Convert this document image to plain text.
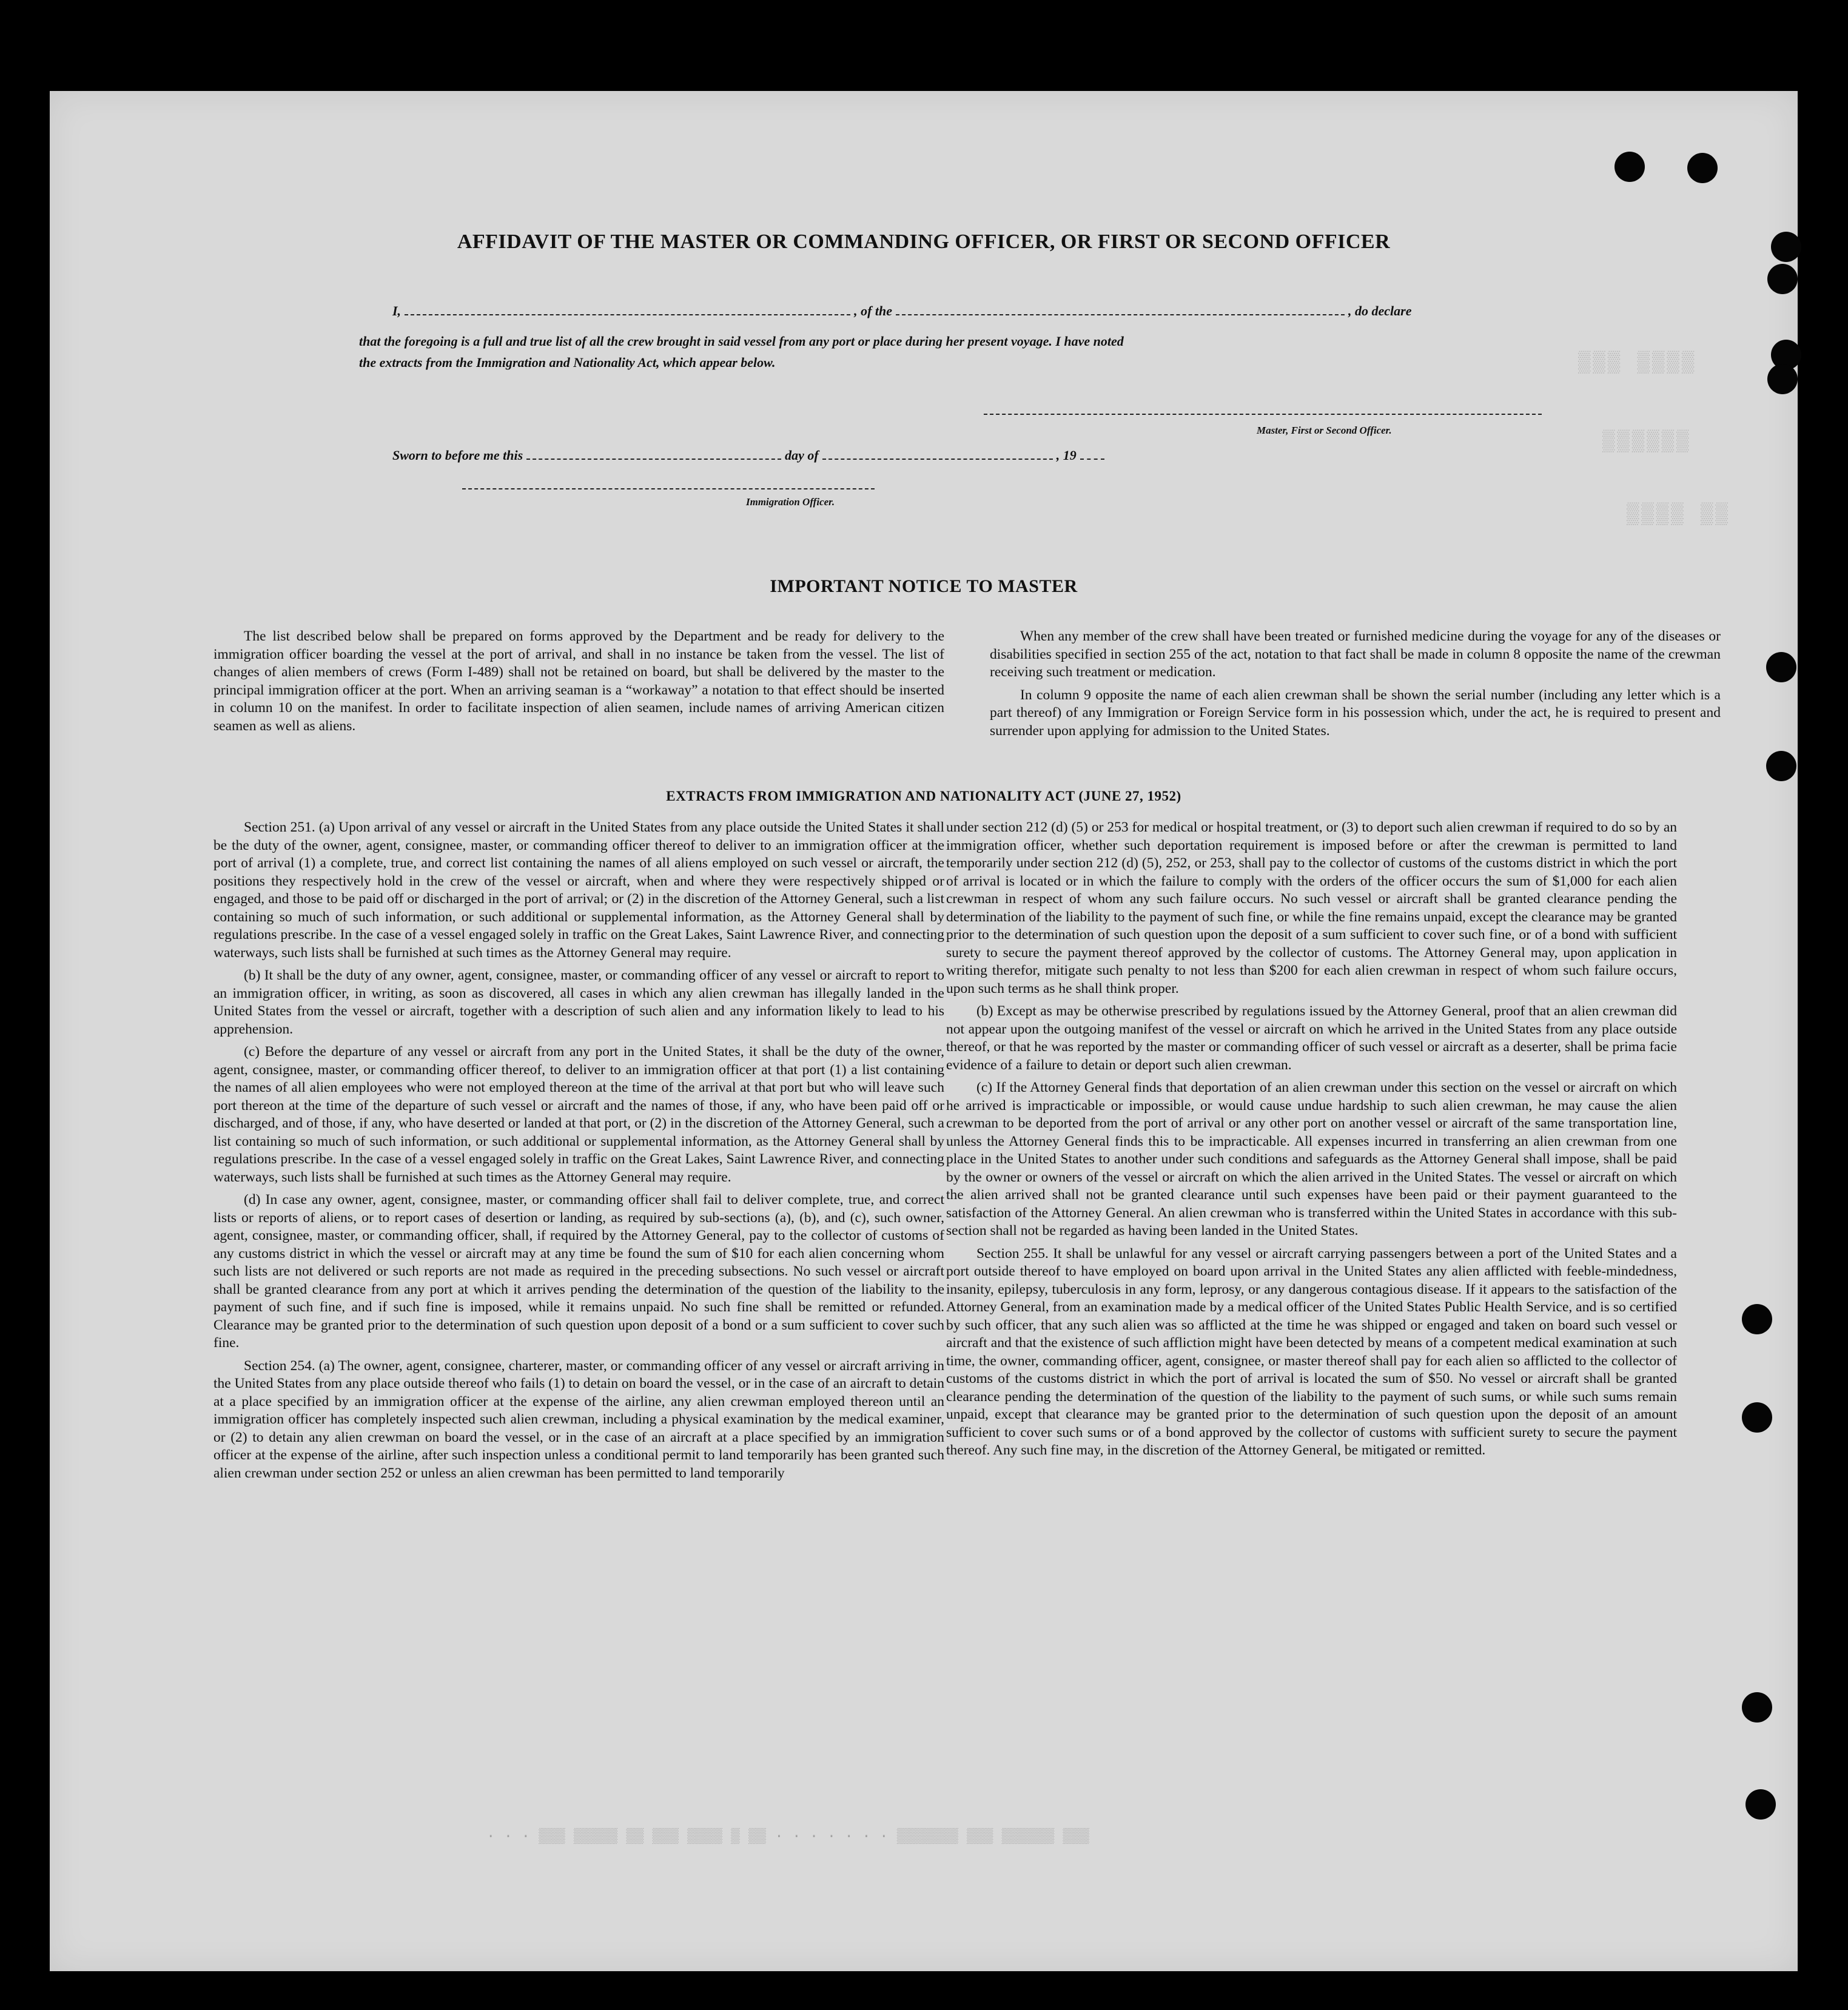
▒▒▒ ▒▒▒▒
▒▒▒▒▒▒
▒▒▒▒ ▒▒
· · · ▒▒▒ ▒▒▒▒▒ ▒▒ ▒▒▒ ▒▒▒▒ ▒ ▒▒ · · · · · · · ▒▒▒▒▒▒▒ ▒▒▒ ▒▒▒▒▒▒ ▒▒▒
AFFIDAVIT OF THE MASTER OR COMMANDING OFFICER, OR FIRST OR SECOND OFFICER
I,	, of the	, do declare
that the foregoing is a full and true list of all the crew brought in said vessel from any port or place during her present voyage. I have noted
the extracts from the Immigration and Nationality Act, which appear below.
Master, First or Second Officer.
Sworn to before me this	day of	, 19
Immigration Officer.
IMPORTANT NOTICE TO MASTER

The list described below shall be prepared on forms approved by the Department and be ready for delivery to the immigration officer boarding the vessel at the port of arrival, and shall in no instance be taken from the vessel. The list of changes of alien members of crews (Form I-489) shall not be retained on board, but shall be delivered by the master to the principal immigration officer at the port. When an arriving seaman is a “workaway” a notation to that effect should be inserted in column 10 on the manifest. In order to facilitate inspection of alien seamen, include names of arriving American citizen seamen as well as aliens.

When any member of the crew shall have been treated or furnished medicine during the voyage for any of the diseases or disabilities specified in section 255 of the act, notation to that fact shall be made in column 8 opposite the name of the crewman receiving such treatment or medication.

In column 9 opposite the name of each alien crewman shall be shown the serial number (including any letter which is a part thereof) of any Immigration or Foreign Service form in his possession which, under the act, he is required to present and surrender upon applying for admission to the United States.

EXTRACTS FROM IMMIGRATION AND NATIONALITY ACT (JUNE 27, 1952)

Section 251. (a) Upon arrival of any vessel or aircraft in the United States from any place outside the United States it shall be the duty of the owner, agent, consignee, master, or commanding officer thereof to deliver to an immigration officer at the port of arrival (1) a complete, true, and correct list containing the names of all aliens employed on such vessel or aircraft, the positions they respectively hold in the crew of the vessel or aircraft, when and where they were respectively shipped or engaged, and those to be paid off or discharged in the port of arrival; or (2) in the discretion of the Attorney General, such a list containing so much of such information, or such additional or supplemental information, as the Attorney General shall by regulations prescribe. In the case of a vessel engaged solely in traffic on the Great Lakes, Saint Lawrence River, and connecting waterways, such lists shall be furnished at such times as the Attorney General may require.

(b) It shall be the duty of any owner, agent, consignee, master, or commanding officer of any vessel or aircraft to report to an immigration officer, in writing, as soon as discovered, all cases in which any alien crewman has illegally landed in the United States from the vessel or aircraft, together with a description of such alien and any information likely to lead to his apprehension.

(c) Before the departure of any vessel or aircraft from any port in the United States, it shall be the duty of the owner, agent, consignee, master, or commanding officer thereof, to deliver to an immigration officer at that port (1) a list containing the names of all alien employees who were not employed thereon at the time of the arrival at that port but who will leave such port thereon at the time of the departure of such vessel or aircraft and the names of those, if any, who have been paid off or discharged, and of those, if any, who have deserted or landed at that port, or (2) in the discretion of the Attorney General, such a list containing so much of such information, or such additional or supplemental information, as the Attorney General shall by regulations prescribe. In the case of a vessel engaged solely in traffic on the Great Lakes, Saint Lawrence River, and connecting waterways, such lists shall be furnished at such times as the Attorney General may require.

(d) In case any owner, agent, consignee, master, or commanding officer shall fail to deliver complete, true, and correct lists or reports of aliens, or to report cases of desertion or landing, as required by sub-sections (a), (b), and (c), such owner, agent, consignee, master, or commanding officer, shall, if required by the Attorney General, pay to the collector of customs of any customs district in which the vessel or aircraft may at any time be found the sum of $10 for each alien concerning whom such lists are not delivered or such reports are not made as required in the preceding subsections. No such vessel or aircraft shall be granted clearance from any port at which it arrives pending the determination of the question of the liability to the payment of such fine, and if such fine is imposed, while it remains unpaid. No such fine shall be remitted or refunded. Clearance may be granted prior to the determination of such question upon deposit of a bond or a sum sufficient to cover such fine.

Section 254. (a) The owner, agent, consignee, charterer, master, or commanding officer of any vessel or aircraft arriving in the United States from any place outside thereof who fails (1) to detain on board the vessel, or in the case of an aircraft to detain at a place specified by an immigration officer at the expense of the airline, any alien crewman employed thereon until an immigration officer has completely inspected such alien crewman, including a physical examination by the medical examiner, or (2) to detain any alien crewman on board the vessel, or in the case of an aircraft at a place specified by an immigration officer at the expense of the airline, after such inspection unless a conditional permit to land temporarily has been granted such alien crewman under section 252 or unless an alien crewman has been permitted to land temporarily

under section 212 (d) (5) or 253 for medical or hospital treatment, or (3) to deport such alien crewman if required to do so by an immigration officer, whether such deportation requirement is imposed before or after the crewman is permitted to land temporarily under section 212 (d) (5), 252, or 253, shall pay to the collector of customs of the customs district in which the port of arrival is located or in which the failure to comply with the orders of the officer occurs the sum of $1,000 for each alien crewman in respect of whom any such failure occurs. No such vessel or aircraft shall be granted clearance pending the determination of the liability to the payment of such fine, or while the fine remains unpaid, except the clearance may be granted prior to the determination of such question upon the deposit of a sum sufficient to cover such fine, or of a bond with sufficient surety to secure the payment thereof approved by the collector of customs. The Attorney General may, upon application in writing therefor, mitigate such penalty to not less than $200 for each alien crewman in respect of whom such failure occurs, upon such terms as he shall think proper.

(b) Except as may be otherwise prescribed by regulations issued by the Attorney General, proof that an alien crewman did not appear upon the outgoing manifest of the vessel or aircraft on which he arrived in the United States from any place outside thereof, or that he was reported by the master or commanding officer of such vessel or aircraft as a deserter, shall be prima facie evidence of a failure to detain or deport such alien crewman.

(c) If the Attorney General finds that deportation of an alien crewman under this section on the vessel or aircraft on which he arrived is impracticable or impossible, or would cause undue hardship to such alien crewman, he may cause the alien crewman to be deported from the port of arrival or any other port on another vessel or aircraft of the same transportation line, unless the Attorney General finds this to be impracticable. All expenses incurred in transferring an alien crewman from one place in the United States to another under such conditions and safeguards as the Attorney General shall impose, shall be paid by the owner or owners of the vessel or aircraft on which the alien arrived in the United States. The vessel or aircraft on which the alien arrived shall not be granted clearance until such expenses have been paid or their payment guaranteed to the satisfaction of the Attorney General. An alien crewman who is transferred within the United States in accordance with this sub-section shall not be regarded as having been landed in the United States.

Section 255. It shall be unlawful for any vessel or aircraft carrying passengers between a port of the United States and a port outside thereof to have employed on board upon arrival in the United States any alien afflicted with feeble-mindedness, insanity, epilepsy, tuberculosis in any form, leprosy, or any dangerous contagious disease. If it appears to the satisfaction of the Attorney General, from an examination made by a medical officer of the United States Public Health Service, and is so certified by such officer, that any such alien was so afflicted at the time he was shipped or engaged and taken on board such vessel or aircraft and that the existence of such affliction might have been detected by means of a competent medical examination at such time, the owner, commanding officer, agent, consignee, or master thereof shall pay for each alien so afflicted to the collector of customs of the customs district in which the port of arrival is located the sum of $50. No vessel or aircraft shall be granted clearance pending the determination of the question of the liability to the payment of such sums, or while such sums remain unpaid, except that clearance may be granted prior to the determination of such question upon the deposit of an amount sufficient to cover such sums or of a bond approved by the collector of customs with sufficient surety to secure the payment thereof. Any such fine may, in the discretion of the Attorney General, be mitigated or remitted.
